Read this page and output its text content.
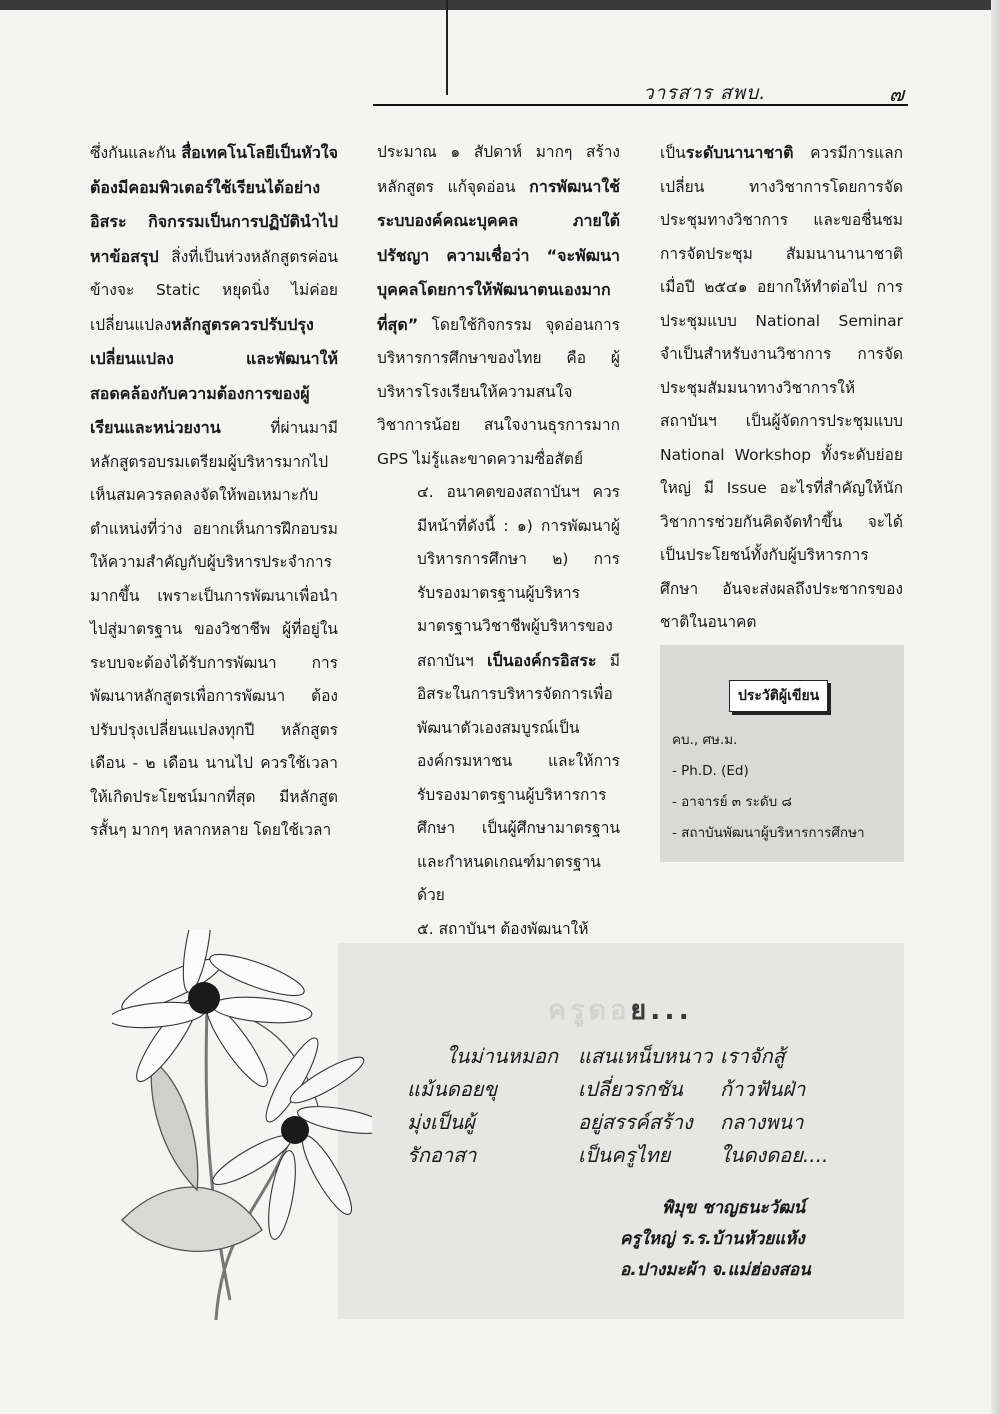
วารสาร สพบ.	๗

ซึ่งกันและกัน สื่อเทคโนโลยีเป็นหัวใจต้องมีคอมพิวเตอร์ใช้เรียนได้อย่างอิสระ กิจกรรมเป็นการปฏิบัตินำไปหาข้อสรุป สิ่งที่เป็นห่วงหลักสูตรค่อนข้างจะ Static หยุดนิ่ง ไม่ค่อยเปลี่ยนแปลงหลักสูตรควรปรับปรุงเปลี่ยนแปลง และพัฒนาให้สอดคล้องกับความต้องการของผู้เรียนและหน่วยงาน ที่ผ่านมามีหลักสูตรอบรมเตรียมผู้บริหารมากไป เห็นสมควรลดลงจัดให้พอเหมาะกับตำแหน่งที่ว่าง อยากเห็นการฝึกอบรมให้ความสำคัญกับผู้บริหารประจำการมากขึ้น เพราะเป็นการพัฒนาเพื่อนำไปสู่มาตรฐาน ของวิชาชีพ ผู้ที่อยู่ในระบบจะต้องได้รับการพัฒนา การพัฒนาหลักสูตรเพื่อการพัฒนา ต้องปรับปรุงเปลี่ยนแปลงทุกปี หลักสูตร เดือน - ๒ เดือน นานไป ควรใช้เวลาให้เกิดประโยชน์มากที่สุด มีหลักสูตรสั้นๆ มากๆ หลากหลาย โดยใช้เวลา

ประมาณ ๑ สัปดาห์ มากๆ สร้างหลักสูตร แก้จุดอ่อน การพัฒนาใช้ระบบองค์คณะบุคคล ภายใต้ปรัชญา ความเชื่อว่า “จะพัฒนาบุคคลโดยการให้พัฒนาตนเองมากที่สุด” โดยใช้กิจกรรม จุดอ่อนการบริหารการศึกษาของไทย คือ ผู้บริหารโรงเรียนให้ความสนใจวิชาการน้อย สนใจงานธุรการมาก GPS ไม่รู้และขาดความซื่อสัตย์

๔. อนาคตของสถาบันฯ ควรมีหน้าที่ดังนี้ : ๑) การพัฒนาผู้บริหารการศึกษา ๒) การรับรองมาตรฐานผู้บริหารมาตรฐานวิชาชีพผู้บริหารของสถาบันฯ เป็นองค์กรอิสระ มีอิสระในการบริหารจัดการเพื่อพัฒนาตัวเองสมบูรณ์เป็นองค์กรมหาชน และให้การรับรองมาตรฐานผู้บริหารการศึกษา เป็นผู้ศึกษามาตรฐานและกำหนดเกณฑ์มาตรฐานด้วย

๕. สถาบันฯ ต้องพัฒนาให้

เป็นระดับนานาชาติ ควรมีการแลกเปลี่ยน ทางวิชาการโดยการจัดประชุมทางวิชาการ และขอชื่นชมการจัดประชุม สัมมนานานาชาติ เมื่อปี ๒๕๔๑ อยากให้ทำต่อไป การประชุมแบบ National Seminar จำเป็นสำหรับงานวิชาการ การจัดประชุมสัมมนาทางวิชาการให้สถาบันฯ เป็นผู้จัดการประชุมแบบ National Workshop ทั้งระดับย่อย ใหญ่ มี Issue อะไรที่สำคัญให้นักวิชาการช่วยกันคิดจัดทำขึ้น จะได้เป็นประโยชน์ทั้งกับผู้บริหารการศึกษา อันจะส่งผลถึงประชากรของชาติในอนาคต

ประวัติผู้เขียน
คบ., ศษ.ม.
- Ph.D. (Ed)
- อาจารย์ ๓ ระดับ ๘
- สถาบันพัฒนาผู้บริหารการศึกษา
ครูดอย...
ในม่านหมอก แสนเหน็บหนาว เราจักสู้
แม้นดอยขุ	เปลี่ยวรกชัน ก้าวฟันฝ่า
มุ่งเป็นผู้	อยู่สรรค์สร้าง กลางพนา
รักอาสา	เป็นครูไทย ในดงดอย....
พิมุข ชาญธนะวัฒน์
ครูใหญ่ ร.ร.บ้านห้วยแห้ง
อ.ปางมะผ้า จ.แม่ฮ่องสอน
